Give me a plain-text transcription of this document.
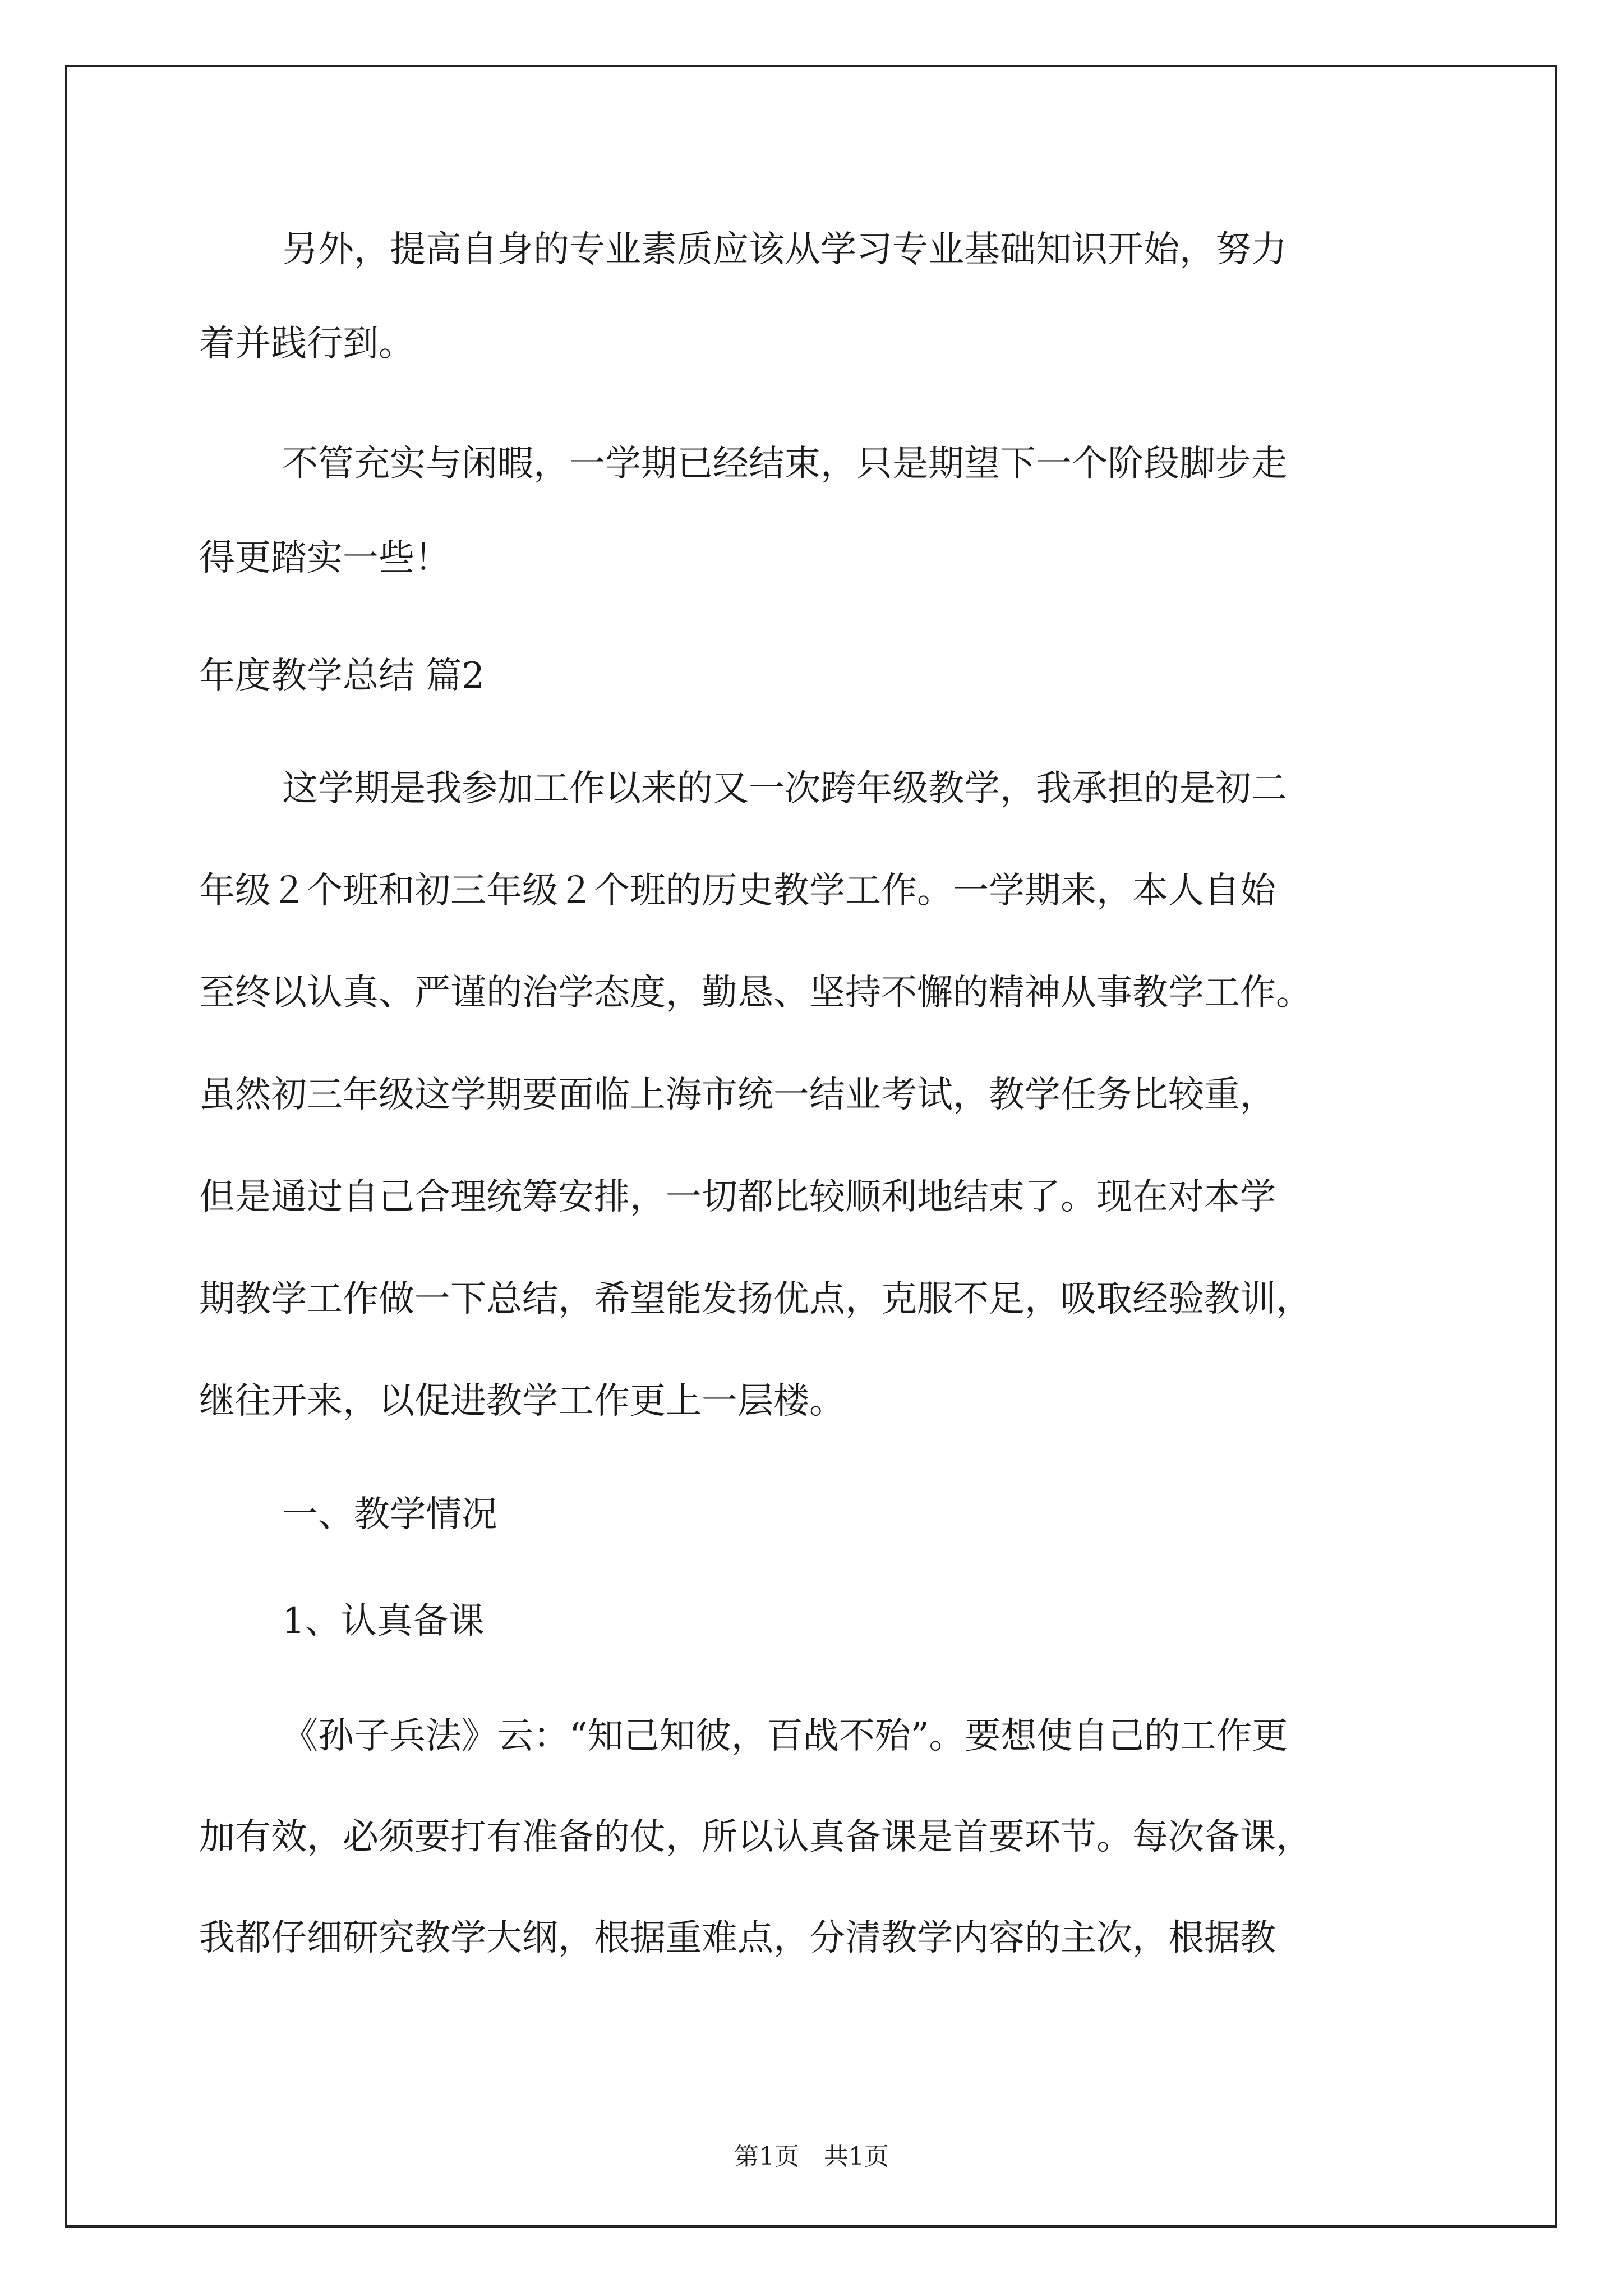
另外，提高自身的专业素质应该从学习专业基础知识开始，努力
着并践行到。
不管充实与闲暇，一学期已经结束，只是期望下一个阶段脚步走
得更踏实一些！
年度教学总结 篇2
这学期是我参加工作以来的又一次跨年级教学，我承担的是初二
年级２个班和初三年级２个班的历史教学工作。一学期来，本人自始
至终以认真、严谨的治学态度，勤恳、坚持不懈的精神从事教学工作。
虽然初三年级这学期要面临上海市统一结业考试，教学任务比较重，
但是通过自己合理统筹安排，一切都比较顺利地结束了。现在对本学
期教学工作做一下总结，希望能发扬优点，克服不足，吸取经验教训，
继往开来，以促进教学工作更上一层楼。
一、教学情况
1、认真备课
《孙子兵法》云：“知己知彼，百战不殆”。要想使自己的工作更
加有效，必须要打有准备的仗，所以认真备课是首要环节。每次备课，
我都仔细研究教学大纲，根据重难点，分清教学内容的主次，根据教
第1页　共1页
